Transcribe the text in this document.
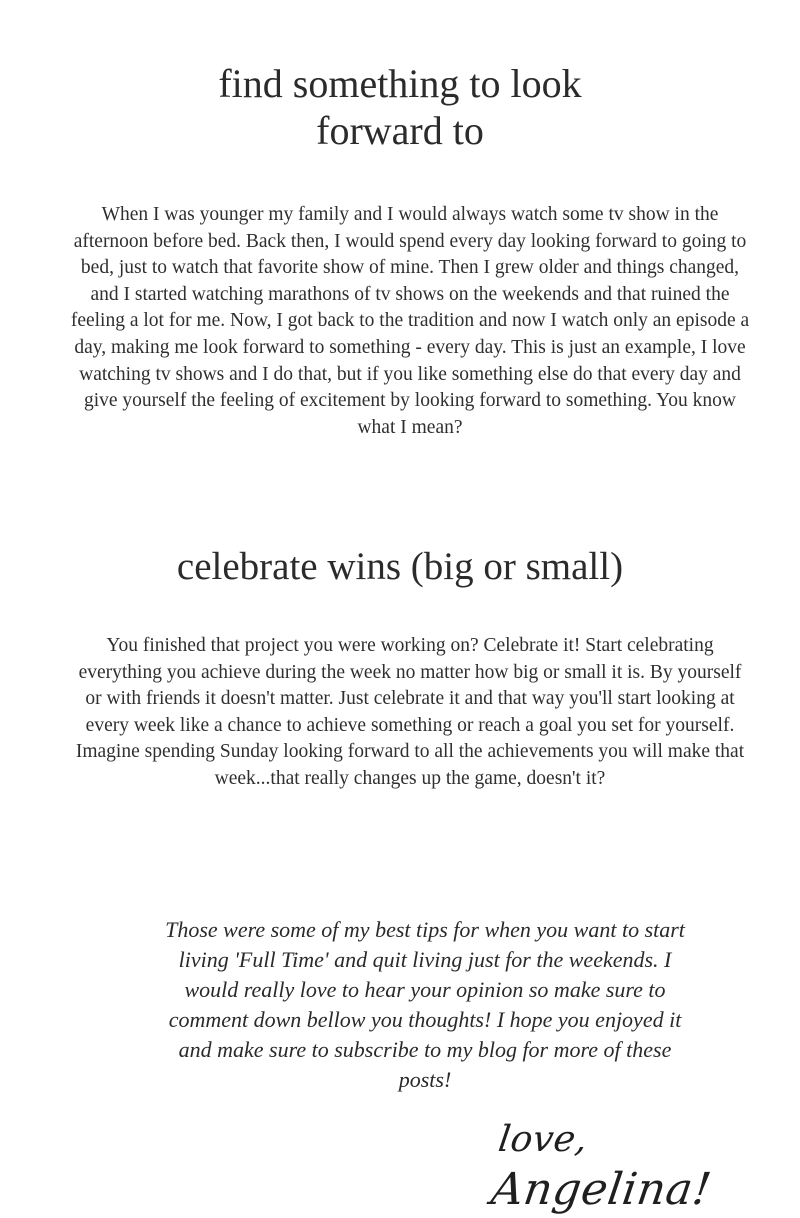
find something to look forward to

When I was younger my family and I would always watch some tv show in the afternoon before bed. Back then, I would spend every day looking forward to going to bed, just to watch that favorite show of mine. Then I grew older and things changed, and I started watching marathons of tv shows on the weekends and that ruined the feeling a lot for me. Now, I got back to the tradition and now I watch only an episode a day, making me look forward to something - every day. This is just an example, I love watching tv shows and I do that, but if you like something else do that every day and give yourself the feeling of excitement by looking forward to something. You know what I mean?

celebrate wins (big or small)

You finished that project you were working on? Celebrate it! Start celebrating everything you achieve during the week no matter how big or small it is. By yourself or with friends it doesn't matter. Just celebrate it and that way you'll start looking at every week like a chance to achieve something or reach a goal you set for yourself. Imagine spending Sunday looking forward to all the achievements you will make that week...that really changes up the game, doesn't it?

Those were some of my best tips for when you want to start living 'Full Time' and quit living just for the weekends. I would really love to hear your opinion so make sure to comment down bellow you thoughts! I hope you enjoyed it and make sure to subscribe to my blog for more of these posts!

love, Angelina!
